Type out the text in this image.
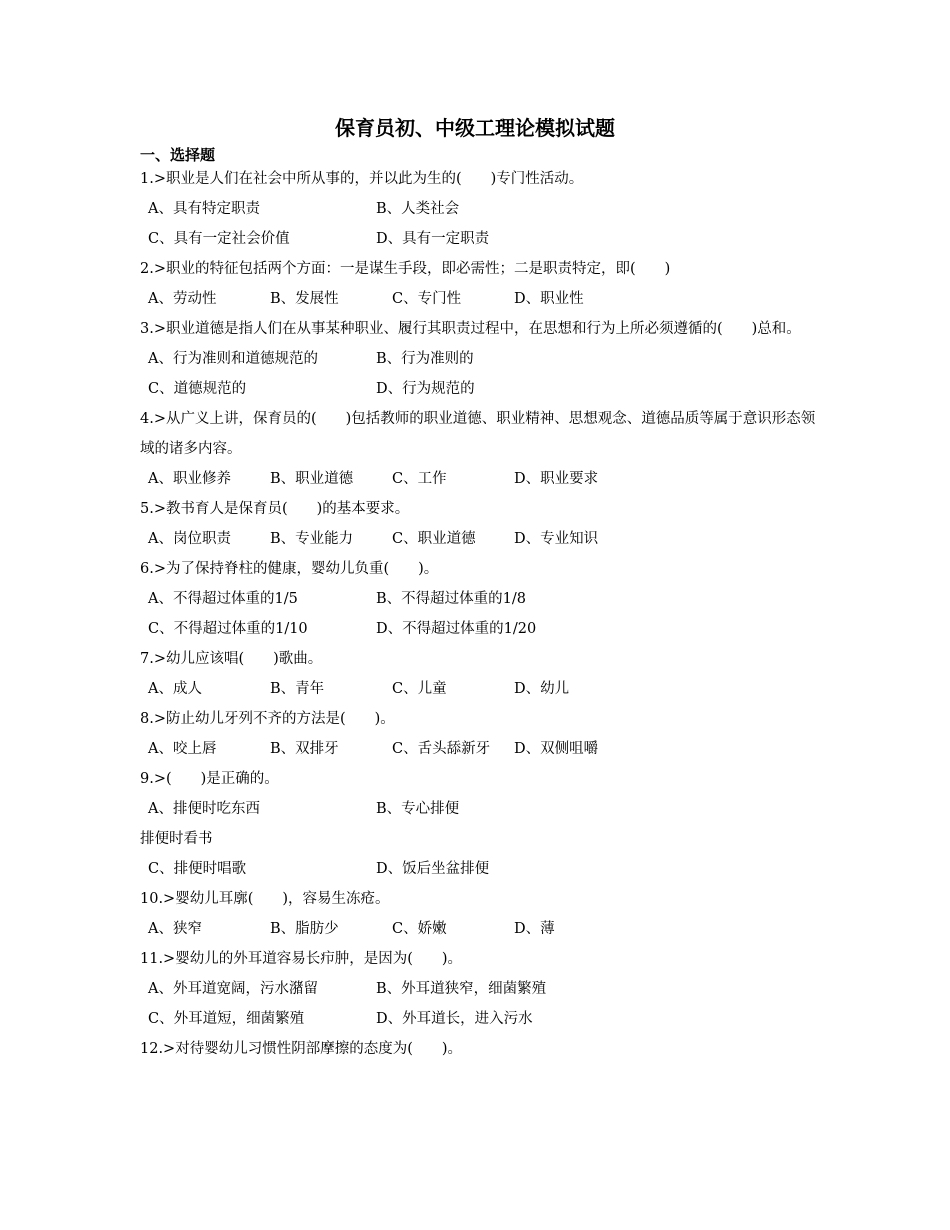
保育员初、中级工理论模拟试题
一、选择题
1.>职业是人们在社会中所从事的，并以此为生的(　　)专门性活动。
A、具有特定职责	B、人类社会
C、具有一定社会价值	D、具有一定职责
2.>职业的特征包括两个方面：一是谋生手段，即必需性；二是职责特定，即(　　)
A、劳动性	B、发展性	C、专门性	D、职业性
3.>职业道德是指人们在从事某种职业、履行其职责过程中，在思想和行为上所必须遵循的(　　)总和。
A、行为准则和道德规范的	B、行为准则的
C、道德规范的	D、行为规范的
4.>从广义上讲，保育员的(　　)包括教师的职业道德、职业精神、思想观念、道德品质等属于意识形态领域的诸多内容。
A、职业修养	B、职业道德	C、工作	D、职业要求
5.>教书育人是保育员(　　)的基本要求。
A、岗位职责	B、专业能力	C、职业道德	D、专业知识
6.>为了保持脊柱的健康，婴幼儿负重(　　)。
A、不得超过体重的1/5	B、不得超过体重的1/8
C、不得超过体重的1/10	D、不得超过体重的1/20
7.>幼儿应该唱(　　)歌曲。
A、成人	B、青年	C、儿童	D、幼儿
8.>防止幼儿牙列不齐的方法是(　　)。
A、咬上唇	B、双排牙	C、舌头舔新牙 D、双侧咀嚼
9.>(　　)是正确的。
A、排便时吃东西	B、专心排便
排便时看书
C、排便时唱歌	D、饭后坐盆排便
10.>婴幼儿耳廓(　　)，容易生冻疮。
A、狭窄	B、脂肪少	C、娇嫩	D、薄
11.>婴幼儿的外耳道容易长疖肿，是因为(　　)。
A、外耳道宽阔，污水潴留	B、外耳道狭窄，细菌繁殖
C、外耳道短，细菌繁殖	D、外耳道长，进入污水
12.>对待婴幼儿习惯性阴部摩擦的态度为(　　)。
